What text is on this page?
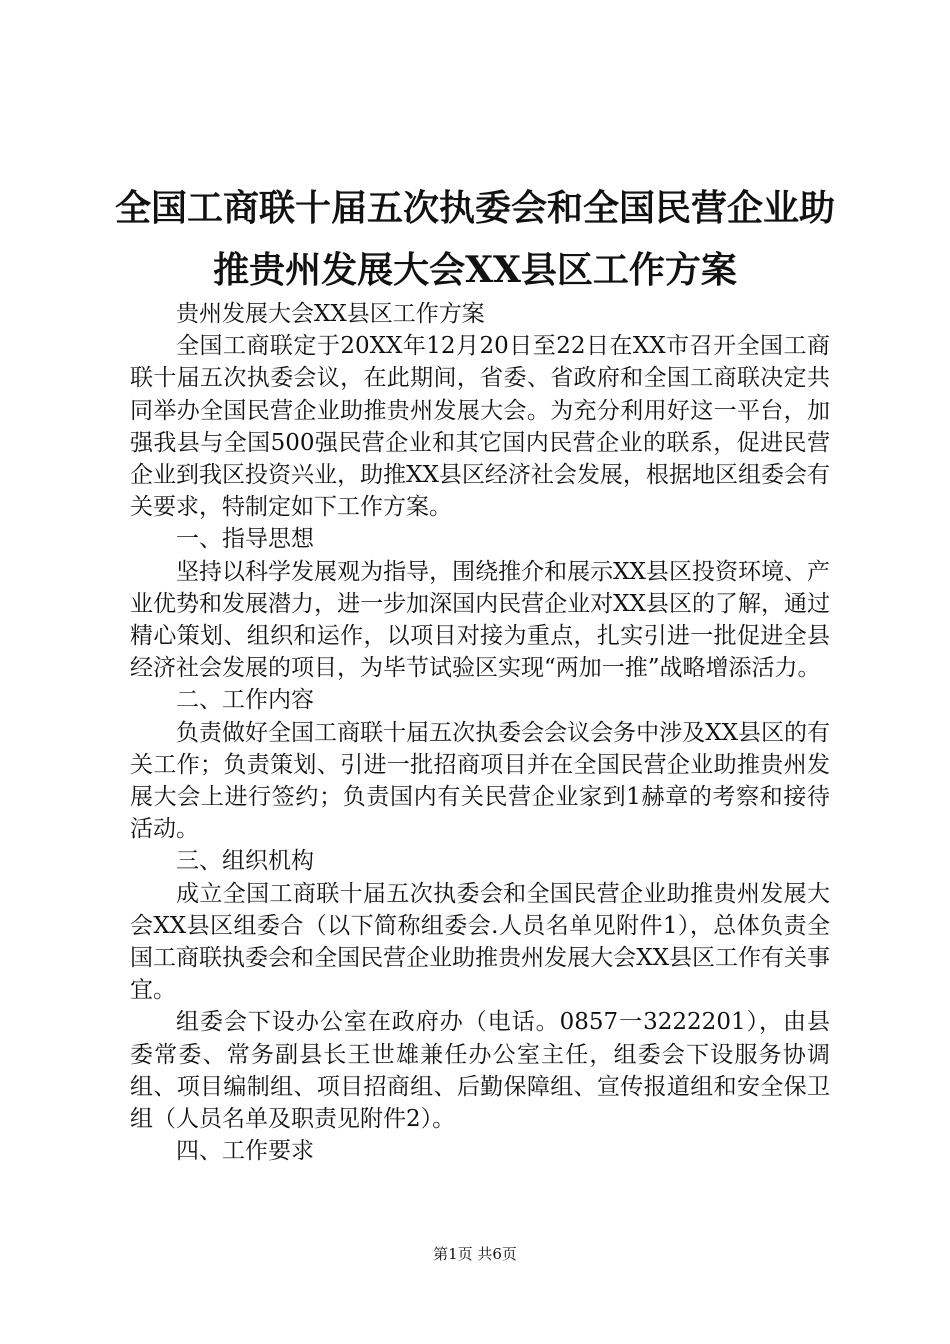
全国工商联十届五次执委会和全国民营企业助
推贵州发展大会XX县区工作方案

贵州发展大会XX县区工作方案

全国工商联定于20XX年12月20日至22日在XX市召开全国工商联十届五次执委会议，在此期间，省委、省政府和全国工商联决定共同举办全国民营企业助推贵州发展大会。为充分利用好这一平台，加强我县与全国500强民营企业和其它国内民营企业的联系，促进民营企业到我区投资兴业，助推XX县区经济社会发展，根据地区组委会有关要求，特制定如下工作方案。

一、指导思想

坚持以科学发展观为指导，围绕推介和展示XX县区投资环境、产业优势和发展潜力，进一步加深国内民营企业对XX县区的了解，通过精心策划、组织和运作，以项目对接为重点，扎实引进一批促进全县经济社会发展的项目，为毕节试验区实现“两加一推”战略增添活力。

二、工作内容

负责做好全国工商联十届五次执委会会议会务中涉及XX县区的有关工作；负责策划、引进一批招商项目并在全国民营企业助推贵州发展大会上进行签约；负责国内有关民营企业家到1赫章的考察和接待活动。

三、组织机构

成立全国工商联十届五次执委会和全国民营企业助推贵州发展大会XX县区组委合（以下简称组委会.人员名单见附件1），总体负责全国工商联执委会和全国民营企业助推贵州发展大会XX县区工作有关事宜。

组委会下设办公室在政府办（电话。0857一3222201），由县委常委、常务副县长王世雄兼任办公室主任，组委会下设服务协调组、项目编制组、项目招商组、后勤保障组、宣传报道组和安全保卫组（人员名单及职责见附件2）。

四、工作要求

第1页 共6页
